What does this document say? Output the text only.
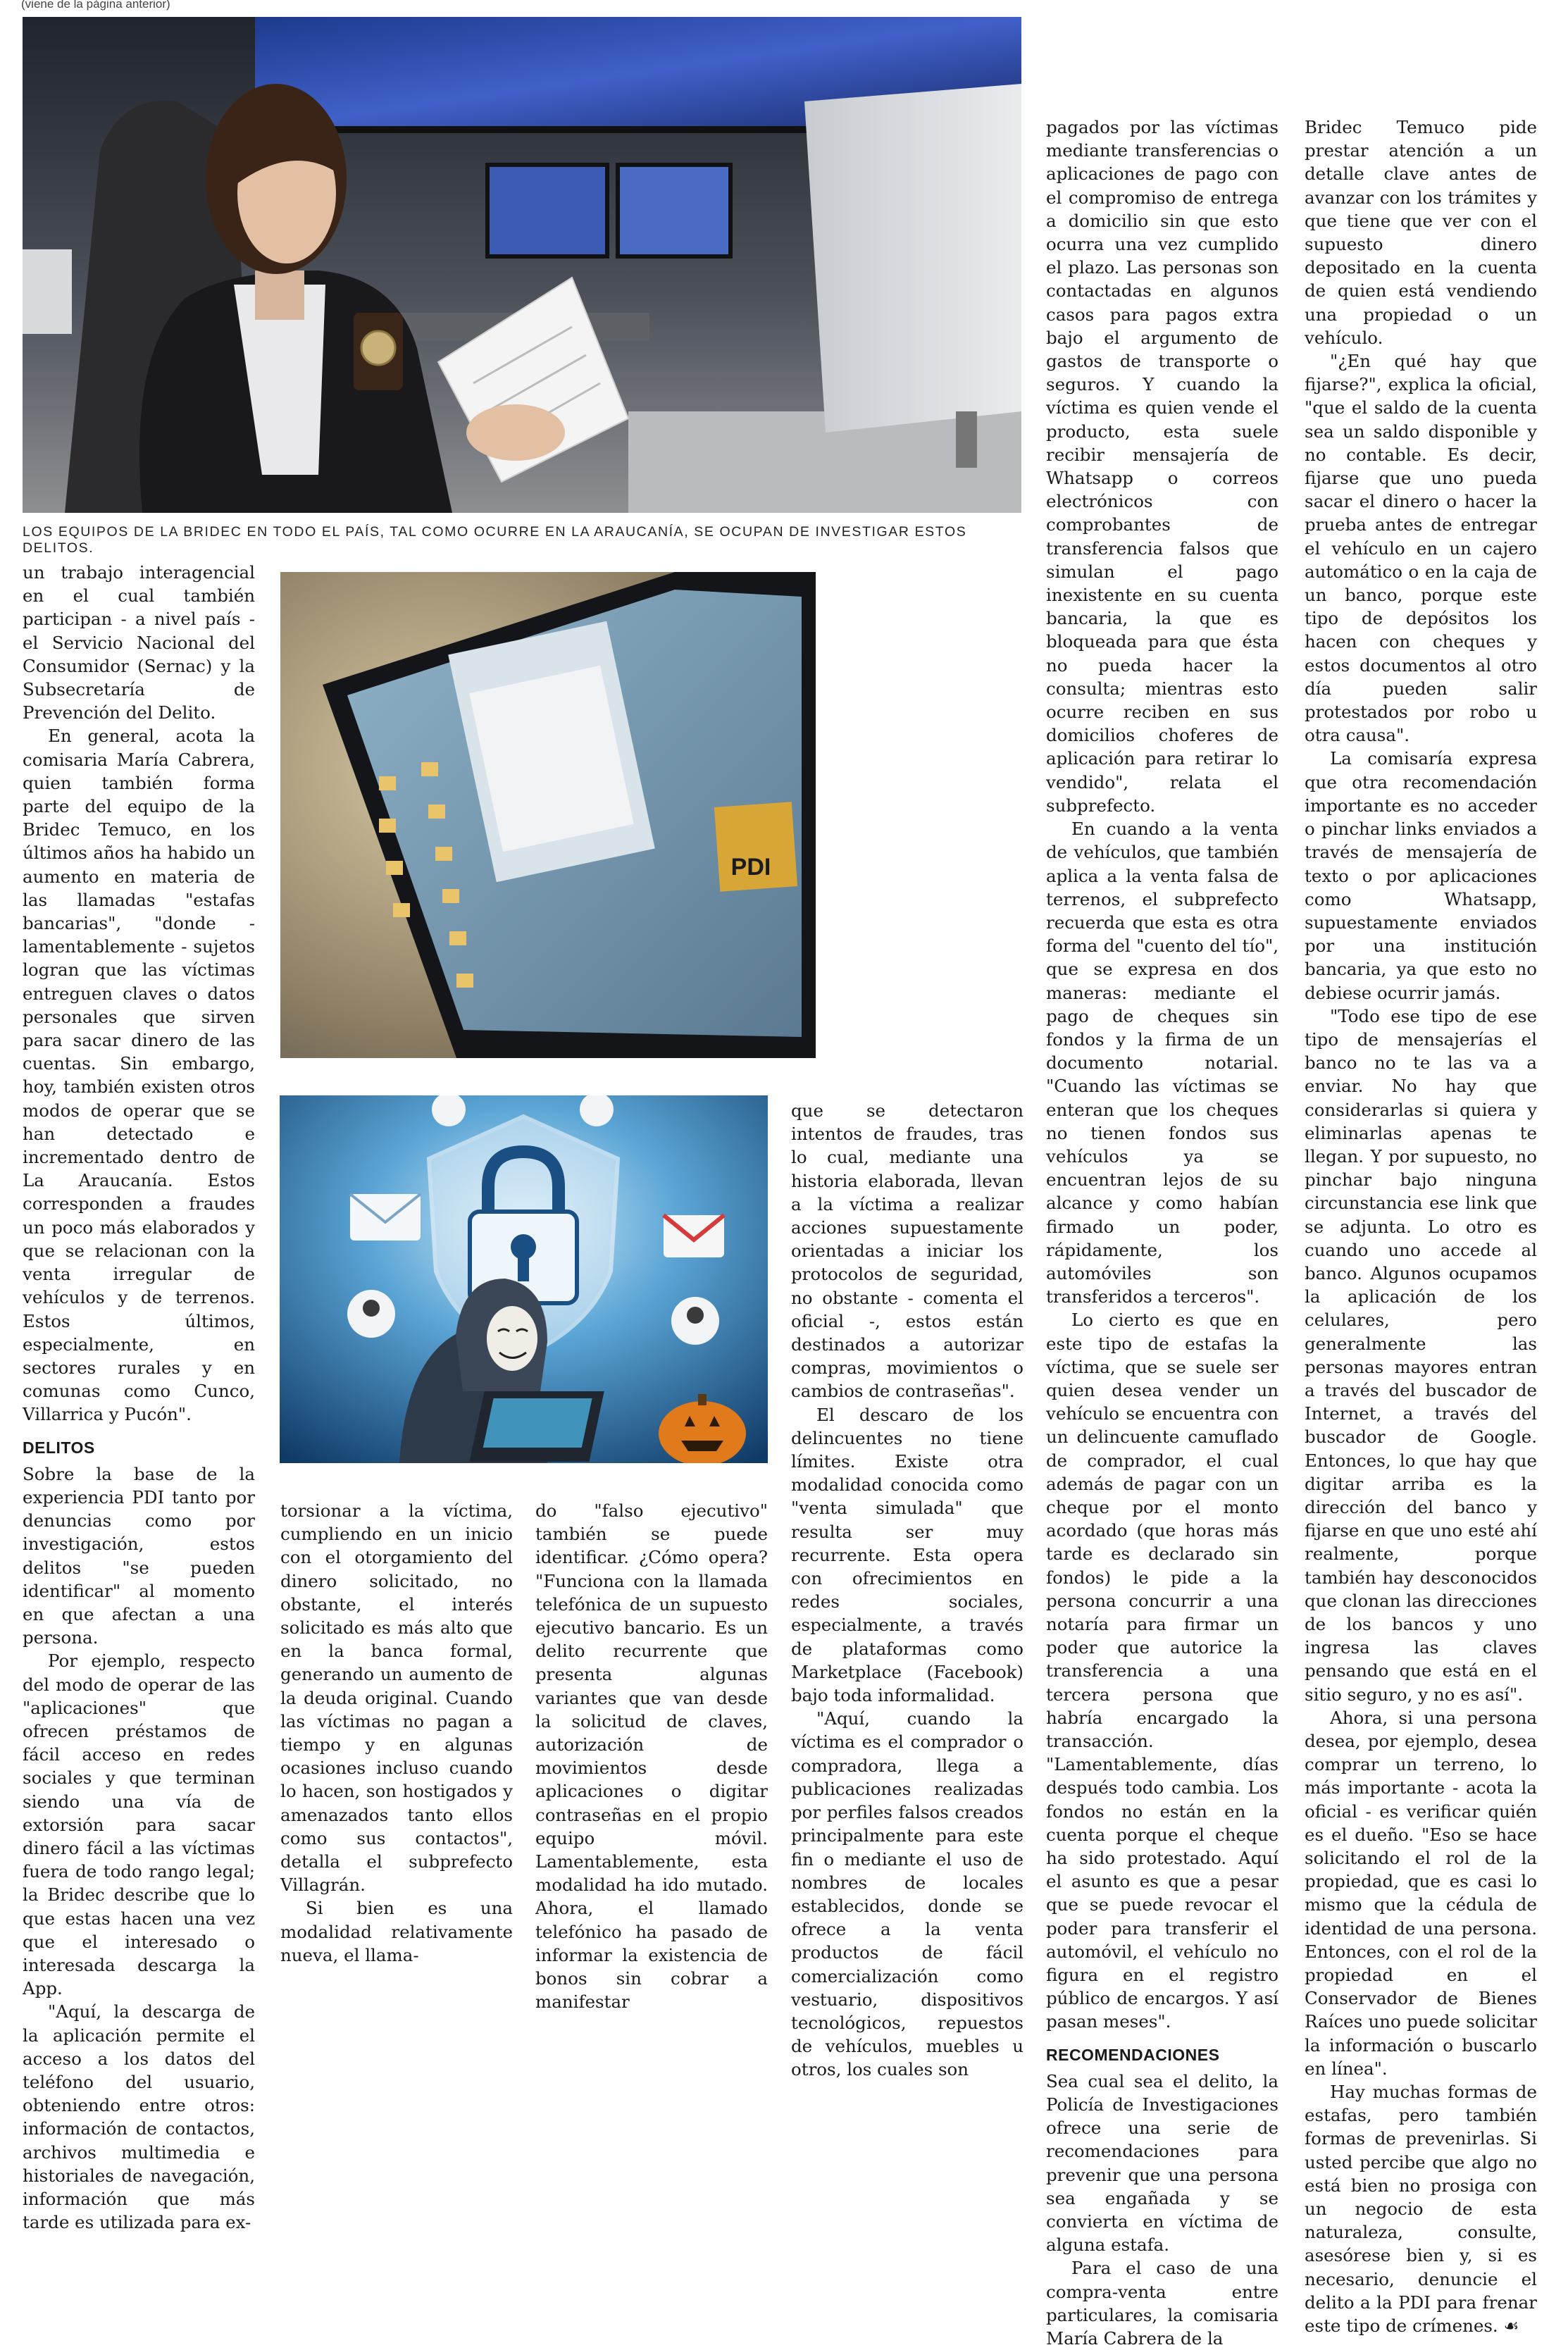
(viene de la página anterior)
LOS EQUIPOS DE LA BRIDEC EN TODO EL PAÍS, TAL COMO OCURRE EN LA ARAUCANÍA, SE OCUPAN DE INVESTIGAR ESTOS DELITOS.
PDI

un trabajo interagencial en el cual también participan - a nivel país - el Servicio Nacional del Consumidor (Sernac) y la Subsecretaría de Prevención del Delito.

En general, acota la comisaria María Cabrera, quien también forma parte del equipo de la Bridec Temuco, en los últimos años ha habido un aumento en materia de las llamadas "estafas bancarias", "donde - lamentablemente - sujetos logran que las víctimas entreguen claves o datos personales que sirven para sacar dinero de las cuentas. Sin embargo, hoy, también existen otros modos de operar que se han detectado e incrementado dentro de La Araucanía. Estos corresponden a fraudes un poco más elaborados y que se relacionan con la venta irregular de vehículos y de terrenos. Estos últimos, especialmente, en sectores rurales y en comunas como Cunco, Villarrica y Pucón".

DELITOS

Sobre la base de la experiencia PDI tanto por denuncias como por investigación, estos delitos "se pueden identificar" al momento en que afectan a una persona.

Por ejemplo, respecto del modo de operar de las "aplicaciones" que ofrecen préstamos de fácil acceso en redes sociales y que terminan siendo una vía de extorsión para sacar dinero fácil a las víctimas fuera de todo rango legal; la Bridec describe que lo que estas hacen una vez que el interesado o interesada descarga la App.

"Aquí, la descarga de la aplicación permite el acceso a los datos del teléfono del usuario, obteniendo entre otros: información de contactos, archivos multimedia e historiales de navegación, información que más tarde es utilizada para ex-

torsionar a la víctima, cumpliendo en un inicio con el otorgamiento del dinero solicitado, no obstante, el interés solicitado es más alto que en la banca formal, generando un aumento de la deuda original. Cuando las víctimas no pagan a tiempo y en algunas ocasiones incluso cuando lo hacen, son hostigados y amenazados tanto ellos como sus contactos", detalla el subprefecto Villagrán.

Si bien es una modalidad relativamente nueva, el llama-

do "falso ejecutivo" también se puede identificar. ¿Cómo opera? "Funciona con la llamada telefónica de un supuesto ejecutivo bancario. Es un delito recurrente que presenta algunas variantes que van desde la solicitud de claves, autorización de movimientos desde aplicaciones o digitar contraseñas en el propio equipo móvil. Lamentablemente, esta modalidad ha ido mutado. Ahora, el llamado telefónico ha pasado de informar la existencia de bonos sin cobrar a manifestar

que se detectaron intentos de fraudes, tras lo cual, mediante una historia elaborada, llevan a la víctima a realizar acciones supuestamente orientadas a iniciar los protocolos de seguridad, no obstante - comenta el oficial -, estos están destinados a autorizar compras, movimientos o cambios de contraseñas".

El descaro de los delincuentes no tiene límites. Existe otra modalidad conocida como "venta simulada" que resulta ser muy recurrente. Esta opera con ofrecimientos en redes sociales, especialmente, a través de plataformas como Marketplace (Facebook) bajo toda informalidad.

"Aquí, cuando la víctima es el comprador o compradora, llega a publicaciones realizadas por perfiles falsos creados principalmente para este fin o mediante el uso de nombres de locales establecidos, donde se ofrece a la venta productos de fácil comercialización como vestuario, dispositivos tecnológicos, repuestos de vehículos, muebles u otros, los cuales son

pagados por las víctimas mediante transferencias o aplicaciones de pago con el compromiso de entrega a domicilio sin que esto ocurra una vez cumplido el plazo. Las personas son contactadas en algunos casos para pagos extra bajo el argumento de gastos de transporte o seguros. Y cuando la víctima es quien vende el producto, esta suele recibir mensajería de Whatsapp o correos electrónicos con comprobantes de transferencia falsos que simulan el pago inexistente en su cuenta bancaria, la que es bloqueada para que ésta no pueda hacer la consulta; mientras esto ocurre reciben en sus domicilios choferes de aplicación para retirar lo vendido", relata el subprefecto.

En cuando a la venta de vehículos, que también aplica a la venta falsa de terrenos, el subprefecto recuerda que esta es otra forma del "cuento del tío", que se expresa en dos maneras: mediante el pago de cheques sin fondos y la firma de un documento notarial. "Cuando las víctimas se enteran que los cheques no tienen fondos sus vehículos ya se encuentran lejos de su alcance y como habían firmado un poder, rápidamente, los automóviles son transferidos a terceros".

Lo cierto es que en este tipo de estafas la víctima, que se suele ser quien desea vender un vehículo se encuentra con un delincuente camuflado de comprador, el cual además de pagar con un cheque por el monto acordado (que horas más tarde es declarado sin fondos) le pide a la persona concurrir a una notaría para firmar un poder que autorice la transferencia a una tercera persona que habría encargado la transacción. "Lamentablemente, días después todo cambia. Los fondos no están en la cuenta porque el cheque ha sido protestado. Aquí el asunto es que a pesar que se puede revocar el poder para transferir el automóvil, el vehículo no figura en el registro público de encargos. Y así pasan meses".

RECOMENDACIONES

Sea cual sea el delito, la Policía de Investigaciones ofrece una serie de recomendaciones para prevenir que una persona sea engañada y se convierta en víctima de alguna estafa.

Para el caso de una compra-venta entre particulares, la comisaria María Cabrera de la

Bridec Temuco pide prestar atención a un detalle clave antes de avanzar con los trámites y que tiene que ver con el supuesto dinero depositado en la cuenta de quien está vendiendo una propiedad o un vehículo.

"¿En qué hay que fijarse?", explica la oficial, "que el saldo de la cuenta sea un saldo disponible y no contable. Es decir, fijarse que uno pueda sacar el dinero o hacer la prueba antes de entregar el vehículo en un cajero automático o en la caja de un banco, porque este tipo de depósitos los hacen con cheques y estos documentos al otro día pueden salir protestados por robo u otra causa".

La comisaría expresa que otra recomendación importante es no acceder o pinchar links enviados a través de mensajería de texto o por aplicaciones como Whatsapp, supuestamente enviados por una institución bancaria, ya que esto no debiese ocurrir jamás.

"Todo ese tipo de ese tipo de mensajerías el banco no te las va a enviar. No hay que considerarlas si quiera y eliminarlas apenas te llegan. Y por supuesto, no pinchar bajo ninguna circunstancia ese link que se adjunta. Lo otro es cuando uno accede al banco. Algunos ocupamos la aplicación de los celulares, pero generalmente las personas mayores entran a través del buscador de Internet, a través del buscador de Google. Entonces, lo que hay que digitar arriba es la dirección del banco y fijarse en que uno esté ahí realmente, porque también hay desconocidos que clonan las direcciones de los bancos y uno ingresa las claves pensando que está en el sitio seguro, y no es así".

Ahora, si una persona desea, por ejemplo, desea comprar un terreno, lo más importante - acota la oficial - es verificar quién es el dueño. "Eso se hace solicitando el rol de la propiedad, que es casi lo mismo que la cédula de identidad de una persona. Entonces, con el rol de la propiedad en el Conservador de Bienes Raíces uno puede solicitar la información o buscarlo en línea".

Hay muchas formas de estafas, pero también formas de prevenirlas. Si usted percibe que algo no está bien no prosiga con un negocio de esta naturaleza, consulte, asesórese bien y, si es necesario, denuncie el delito a la PDI para frenar este tipo de crímenes. ☙
